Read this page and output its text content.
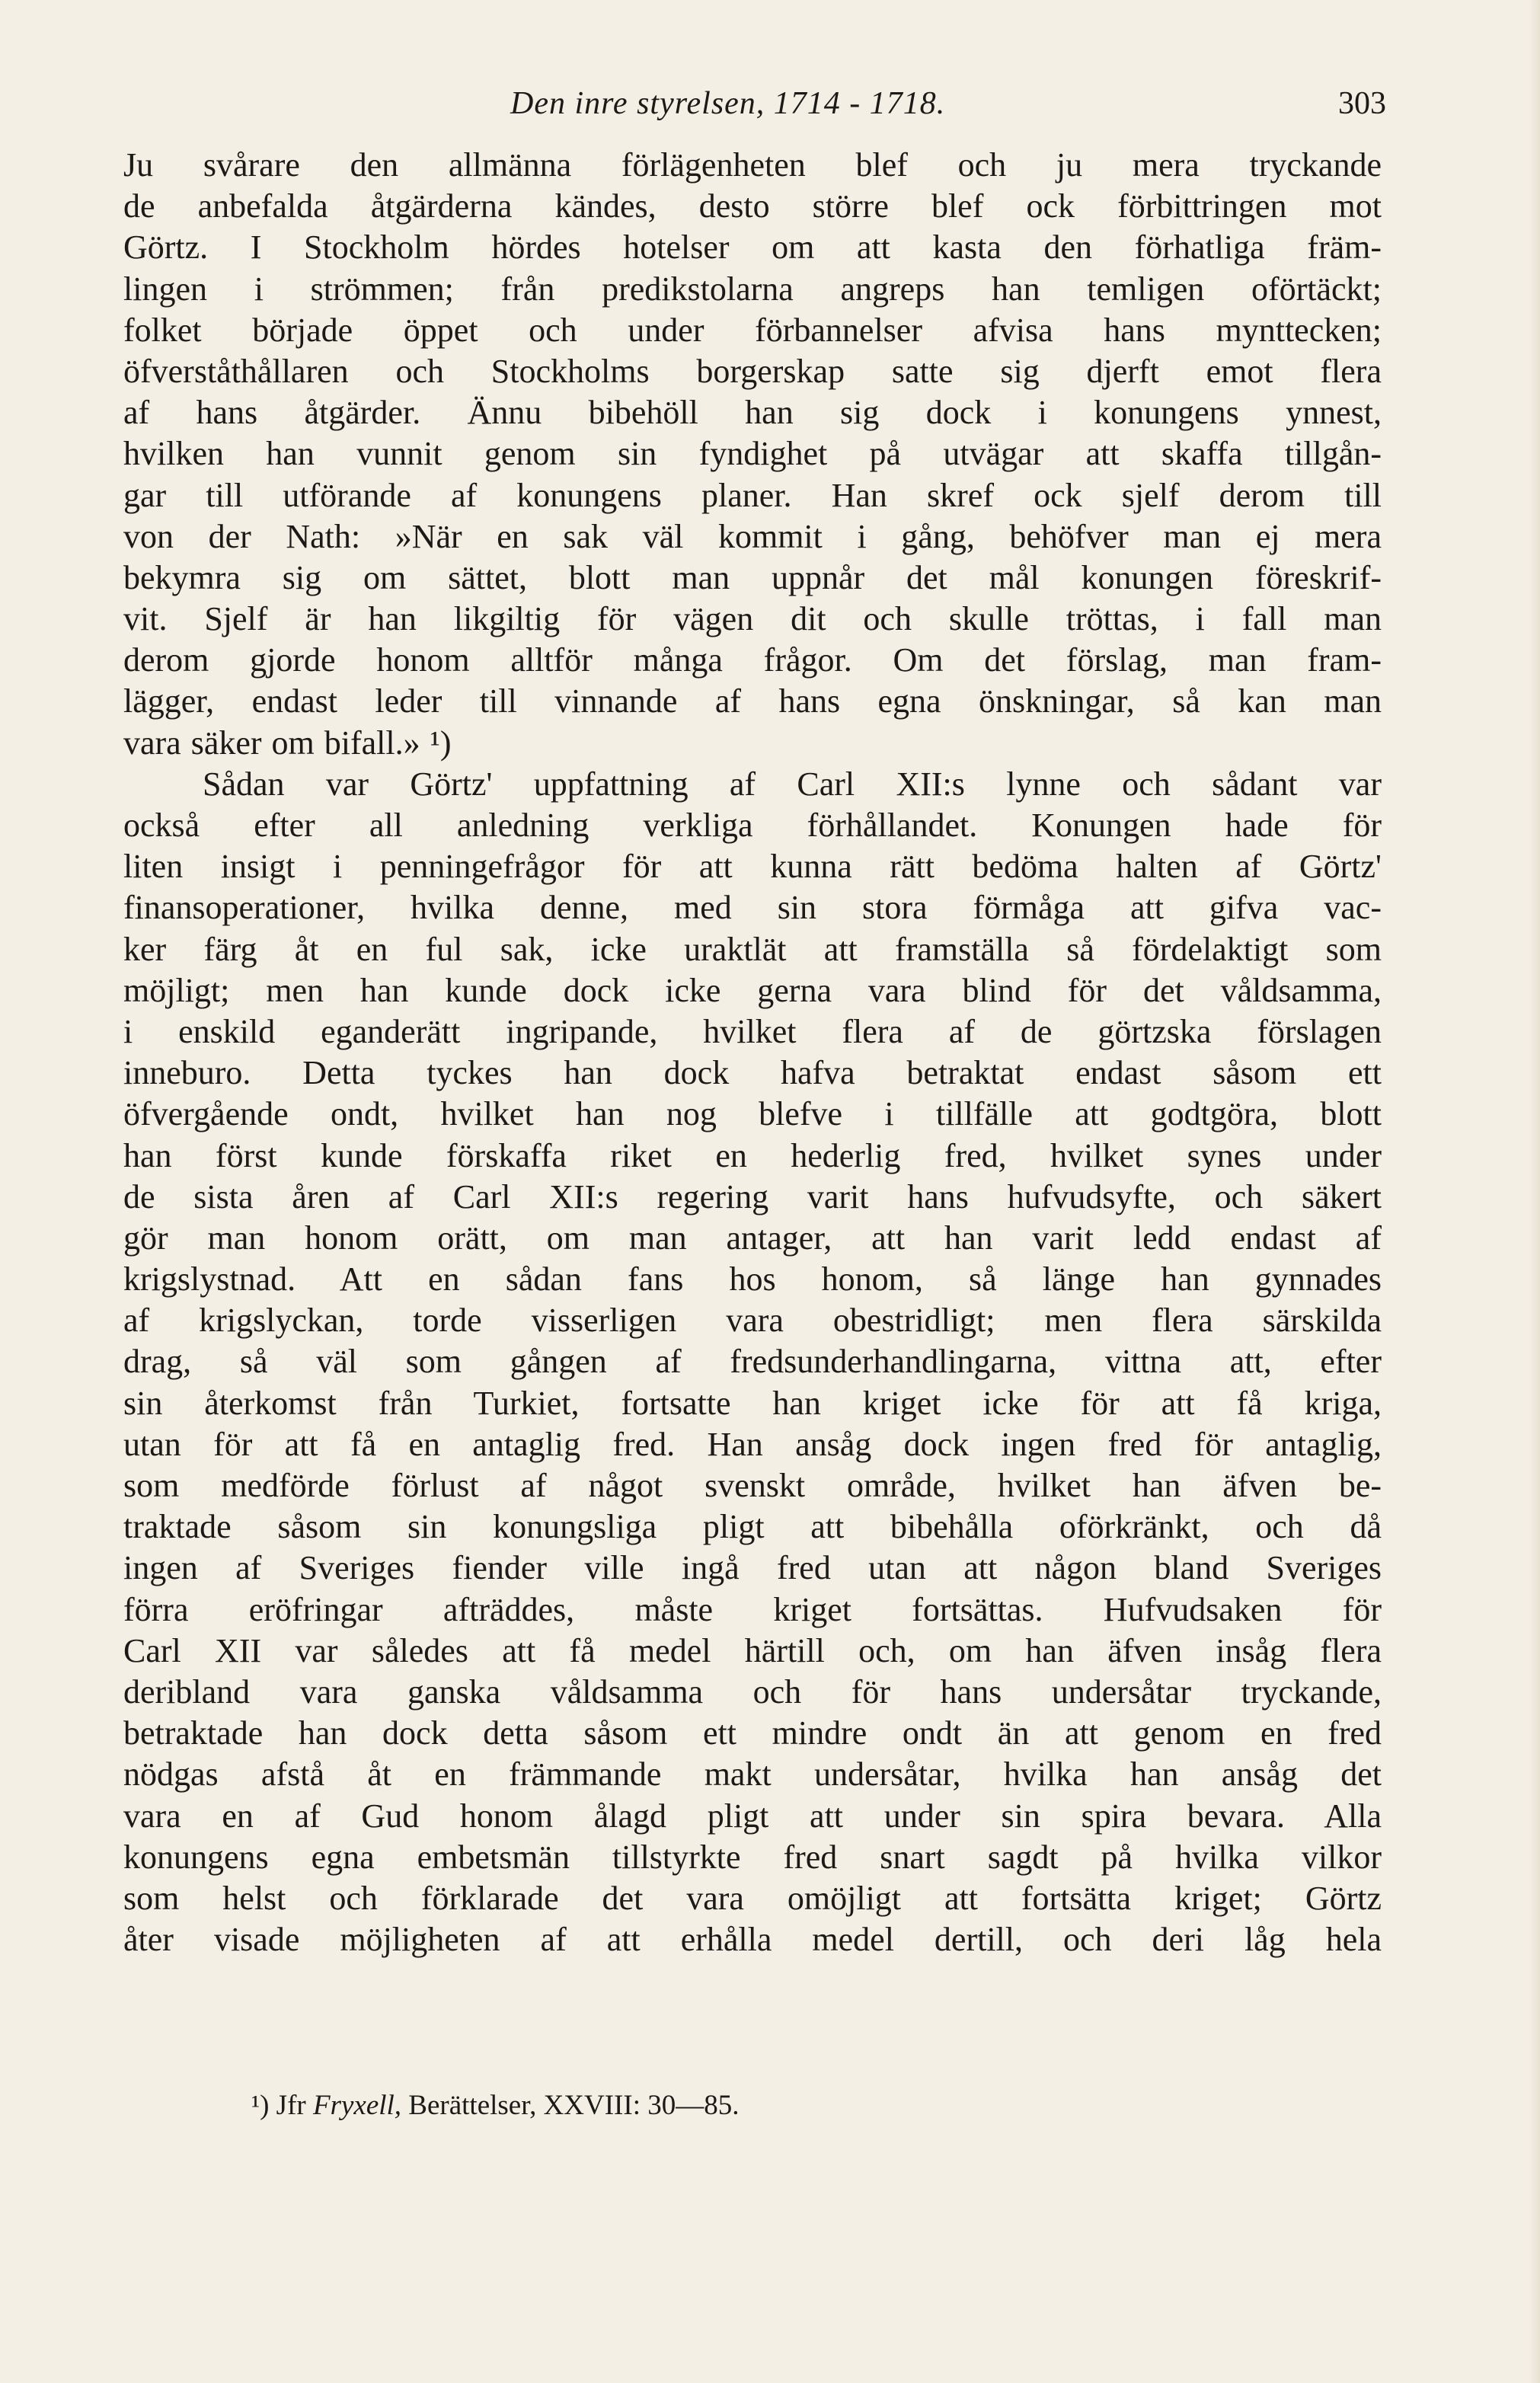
Den inre styrelsen, 1714 - 1718.	303
Ju svårare den allmänna förlägenheten blef och ju mera tryckande
de anbefalda åtgärderna kändes, desto större blef ock förbittringen mot
Görtz. I Stockholm hördes hotelser om att kasta den förhatliga främ-
lingen i strömmen; från predikstolarna angreps han temligen oförtäckt;
folket började öppet och under förbannelser afvisa hans mynttecken;
öfverståthållaren och Stockholms borgerskap satte sig djerft emot flera
af hans åtgärder. Ännu bibehöll han sig dock i konungens ynnest,
hvilken han vunnit genom sin fyndighet på utvägar att skaffa tillgån-
gar till utförande af konungens planer. Han skref ock sjelf derom till
von der Nath: »När en sak väl kommit i gång, behöfver man ej mera
bekymra sig om sättet, blott man uppnår det mål konungen föreskrif-
vit. Sjelf är han likgiltig för vägen dit och skulle tröttas, i fall man
derom gjorde honom alltför många frågor. Om det förslag, man fram-
lägger, endast leder till vinnande af hans egna önskningar, så kan man
vara säker om bifall.» ¹)
Sådan var Görtz' uppfattning af Carl XII:s lynne och sådant var
också efter all anledning verkliga förhållandet. Konungen hade för
liten insigt i penningefrågor för att kunna rätt bedöma halten af Görtz'
finansoperationer, hvilka denne, med sin stora förmåga att gifva vac-
ker färg åt en ful sak, icke uraktlät att framställa så fördelaktigt som
möjligt; men han kunde dock icke gerna vara blind för det våldsamma,
i enskild eganderätt ingripande, hvilket flera af de görtzska förslagen
inneburo. Detta tyckes han dock hafva betraktat endast såsom ett
öfvergående ondt, hvilket han nog blefve i tillfälle att godtgöra, blott
han först kunde förskaffa riket en hederlig fred, hvilket synes under
de sista åren af Carl XII:s regering varit hans hufvudsyfte, och säkert
gör man honom orätt, om man antager, att han varit ledd endast af
krigslystnad. Att en sådan fans hos honom, så länge han gynnades
af krigslyckan, torde visserligen vara obestridligt; men flera särskilda
drag, så väl som gången af fredsunderhandlingarna, vittna att, efter
sin återkomst från Turkiet, fortsatte han kriget icke för att få kriga,
utan för att få en antaglig fred. Han ansåg dock ingen fred för antaglig,
som medförde förlust af något svenskt område, hvilket han äfven be-
traktade såsom sin konungsliga pligt att bibehålla oförkränkt, och då
ingen af Sveriges fiender ville ingå fred utan att någon bland Sveriges
förra eröfringar afträddes, måste kriget fortsättas. Hufvudsaken för
Carl XII var således att få medel härtill och, om han äfven insåg flera
deribland vara ganska våldsamma och för hans undersåtar tryckande,
betraktade han dock detta såsom ett mindre ondt än att genom en fred
nödgas afstå åt en främmande makt undersåtar, hvilka han ansåg det
vara en af Gud honom ålagd pligt att under sin spira bevara. Alla
konungens egna embetsmän tillstyrkte fred snart sagdt på hvilka vilkor
som helst och förklarade det vara omöjligt att fortsätta kriget; Görtz
åter visade möjligheten af att erhålla medel dertill, och deri låg hela
¹) Jfr Fryxell, Berättelser, XXVIII: 30—85.
